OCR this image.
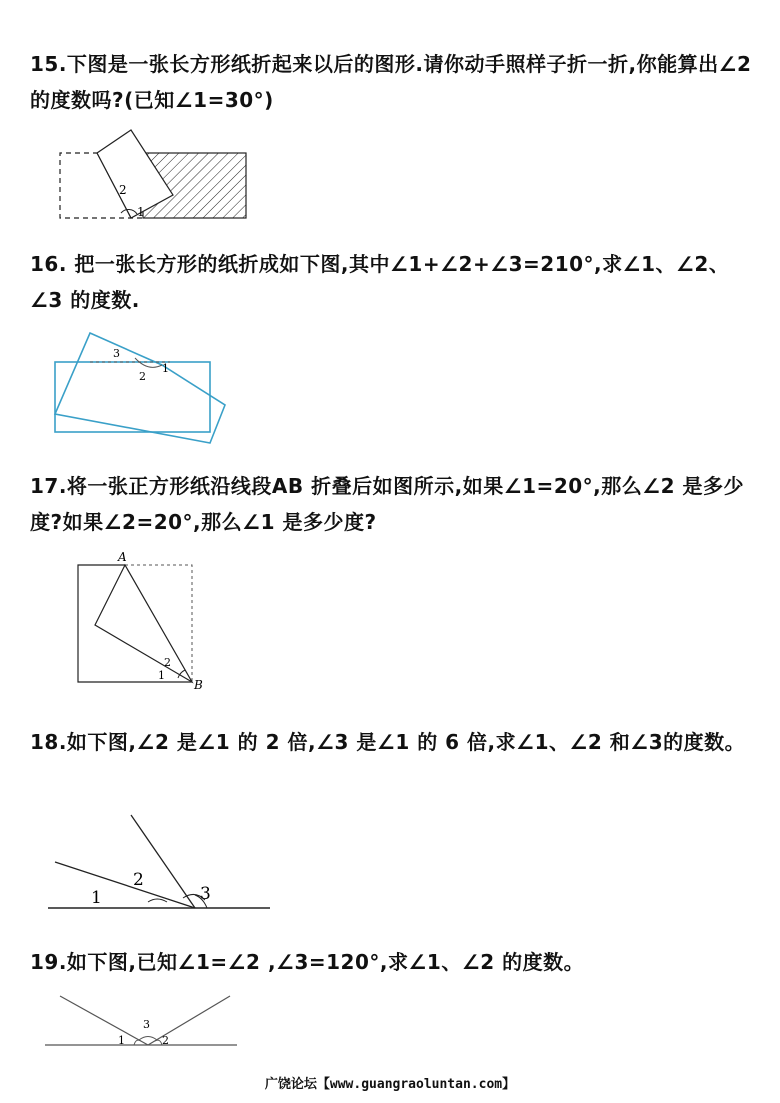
15.下图是一张长方形纸折起来以后的图形.请你动手照样子折一折,你能算出∠2 的度数吗?(已知∠1=30°)

2
1

16. 把一张长方形的纸折成如下图,其中∠1+∠2+∠3=210°,求∠1、∠2、∠3 的度数.

3
2
1

17.将一张正方形纸沿线段AB 折叠后如图所示,如果∠1=20°,那么∠2 是多少度?如果∠2=20°,那么∠1 是多少度?

A
B
2
1

18.如下图,∠2 是∠1 的 2 倍,∠3 是∠1 的 6 倍,求∠1、∠2 和∠3的度数。

1
2
3

19.如下图,已知∠1=∠2 ,∠3=120°,求∠1、∠2 的度数。

1
3
2
广饶论坛【www.guangraoluntan.com】
